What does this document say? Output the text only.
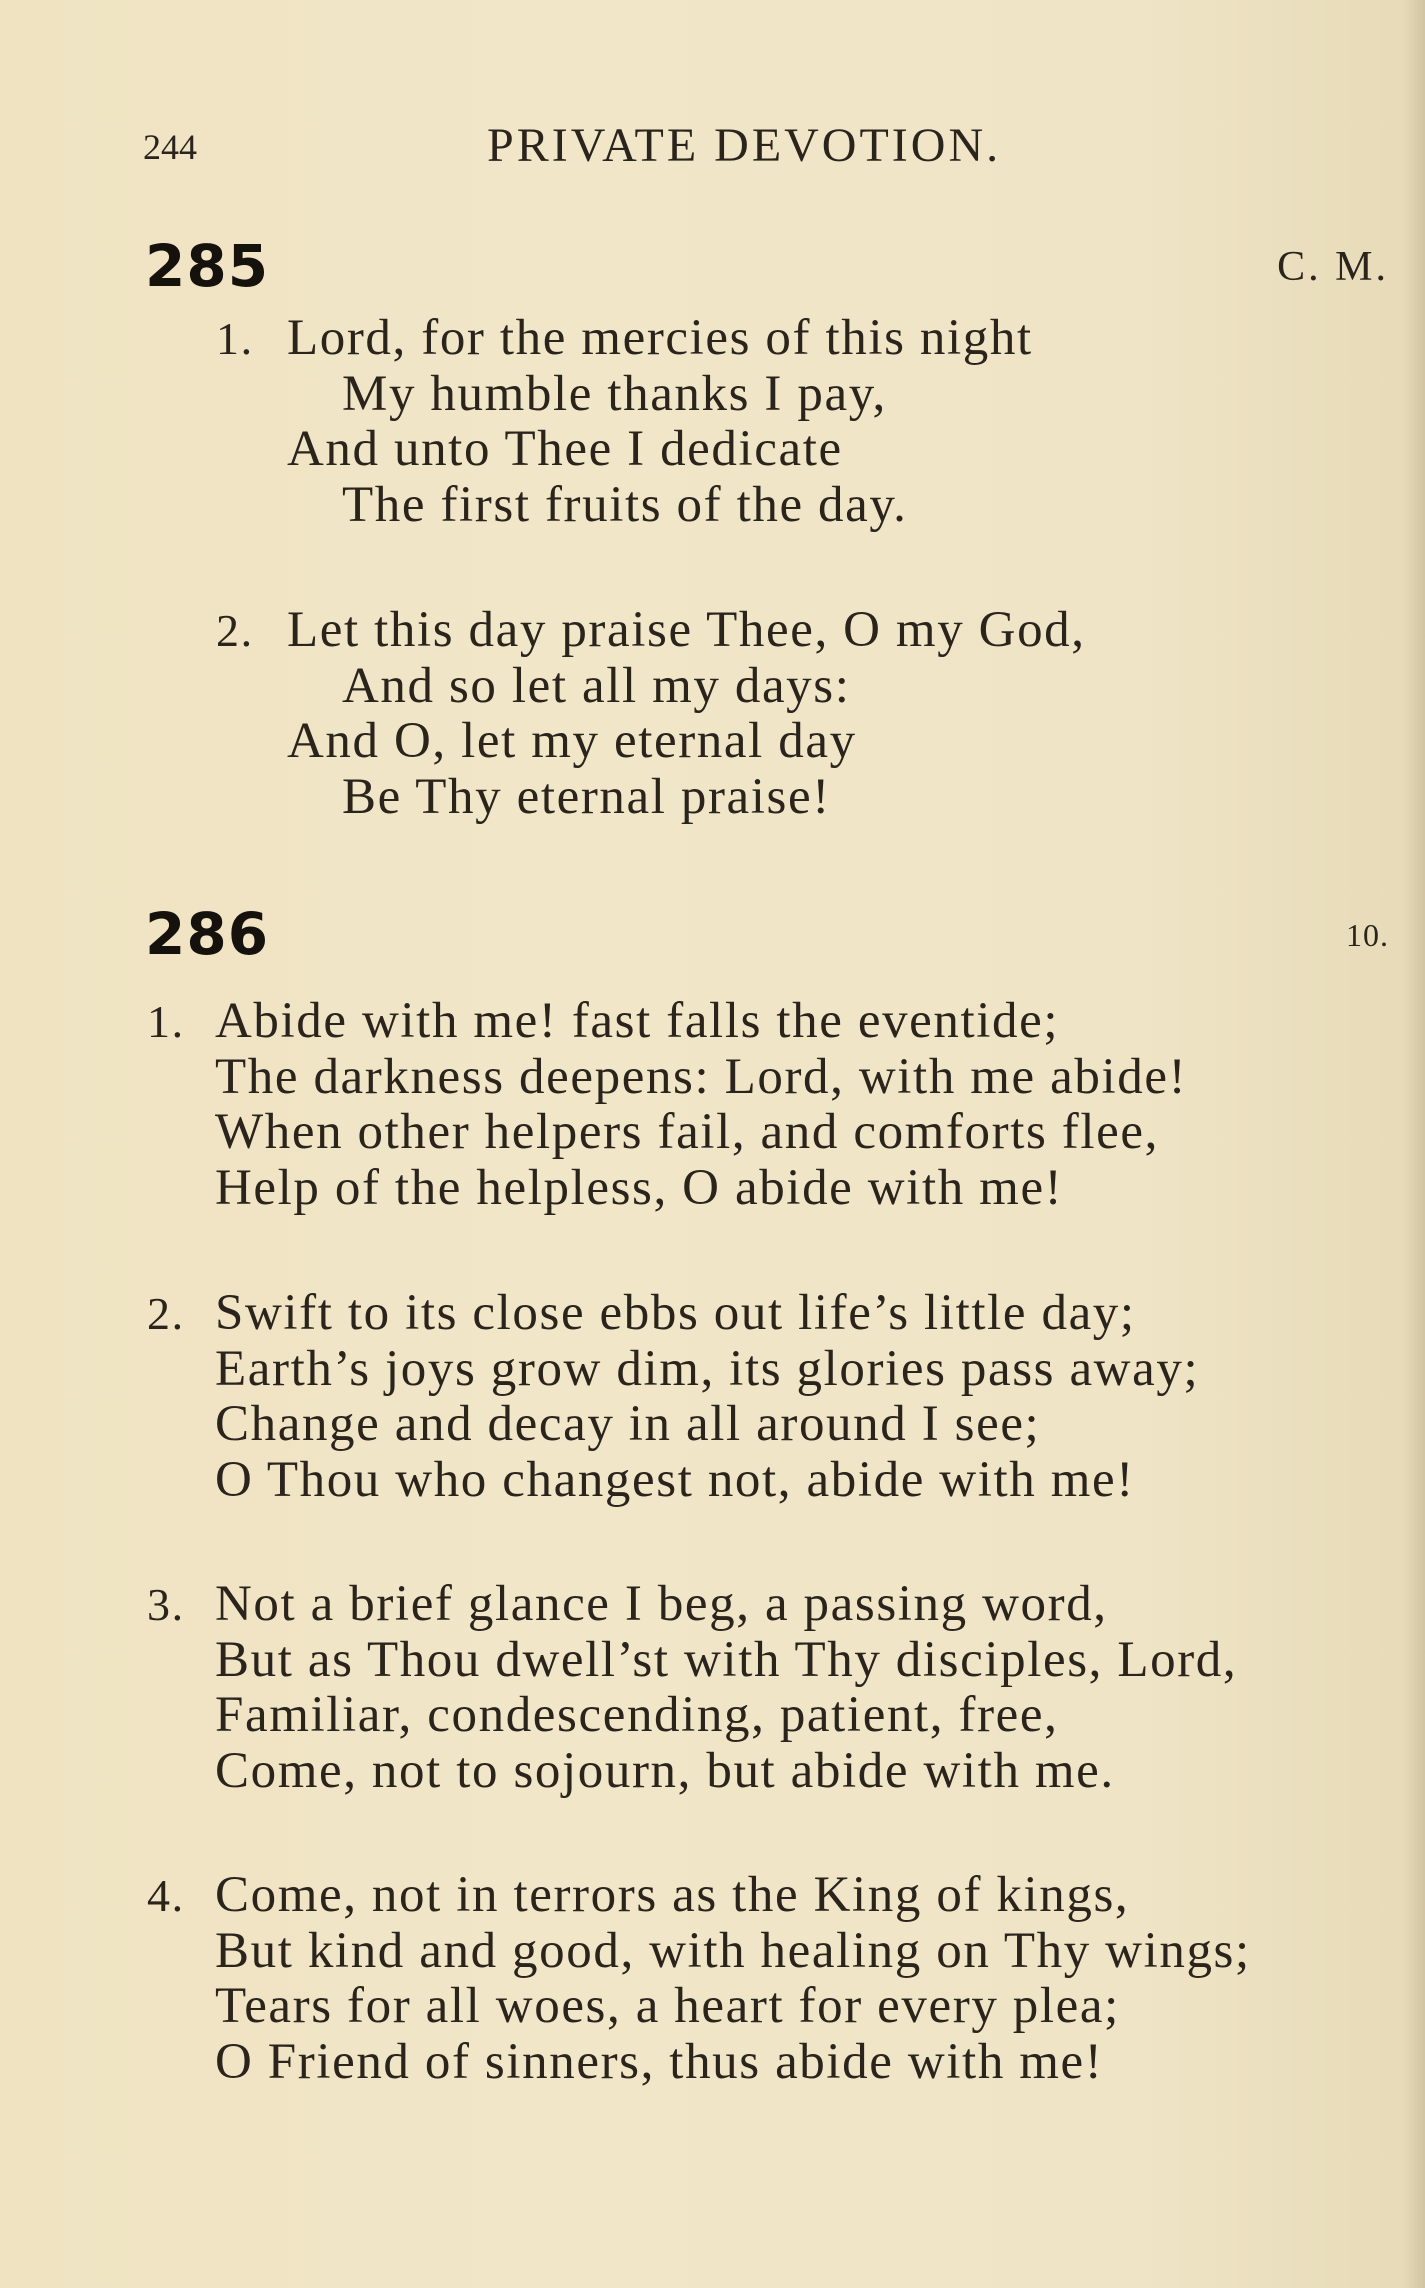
244	PRIVATE DEVOTION.
285	C. M.
1. Lord, for the mercies of this night
My humble thanks I pay,
And unto Thee I dedicate
The first fruits of the day.
2. Let this day praise Thee, O my God,
And so let all my days:
And O, let my eternal day
Be Thy eternal praise!
286	10.
1. Abide with me! fast falls the eventide;
The darkness deepens: Lord, with me abide!
When other helpers fail, and comforts flee,
Help of the helpless, O abide with me!
2. Swift to its close ebbs out life’s little day;
Earth’s joys grow dim, its glories pass away;
Change and decay in all around I see;
O Thou who changest not, abide with me!
3. Not a brief glance I beg, a passing word,
But as Thou dwell’st with Thy disciples, Lord,
Familiar, condescending, patient, free,
Come, not to sojourn, but abide with me.
4. Come, not in terrors as the King of kings,
But kind and good, with healing on Thy wings;
Tears for all woes, a heart for every plea;
O Friend of sinners, thus abide with me!
